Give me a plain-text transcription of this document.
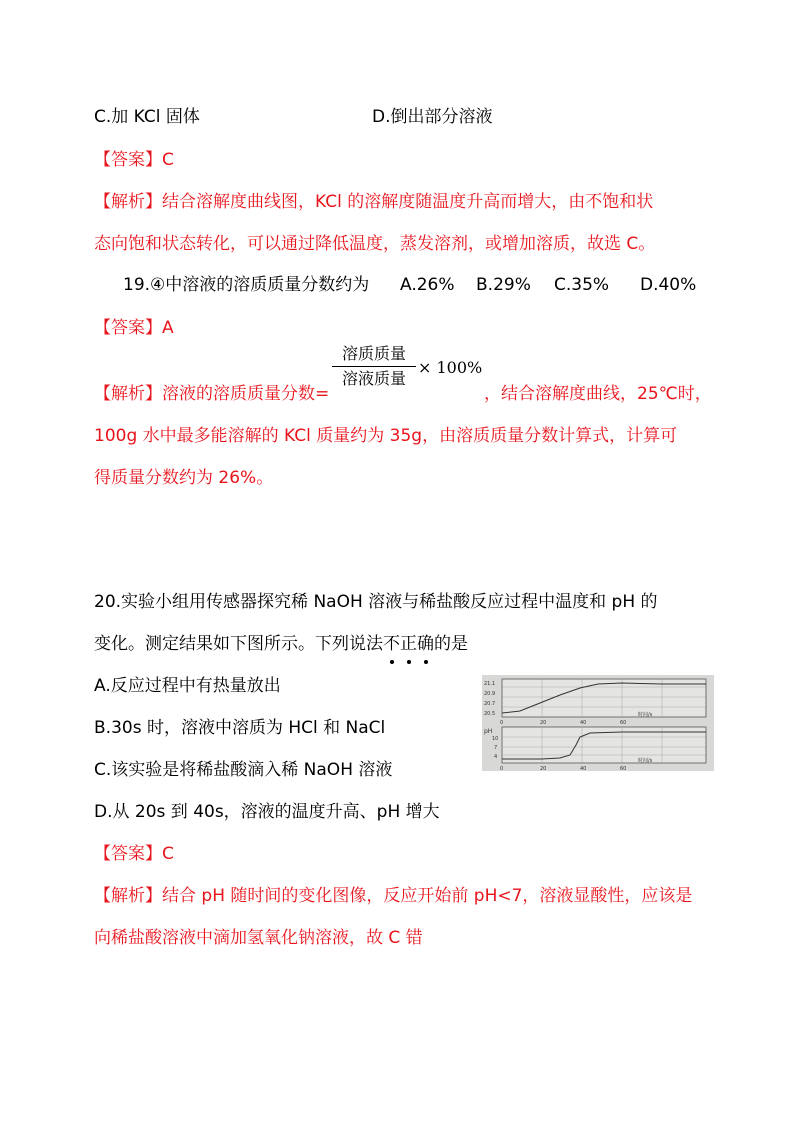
C.加 KCl 固体	D.倒出部分溶液
【答案】C
【解析】结合溶解度曲线图，KCl 的溶解度随温度升高而增大，由不饱和状
态向饱和状态转化，可以通过降低温度，蒸发溶剂，或增加溶质，故选 C。
19.④中溶液的溶质质量分数约为 A.26% B.29% C.35% D.40%
【答案】A
【解析】溶液的溶质质量分数=
溶质质量
溶液质量
× 100%
，结合溶解度曲线，25℃时，
100g 水中最多能溶解的 KCl 质量约为 35g，由溶质质量分数计算式，计算可
得质量分数约为 26%。
20.实验小组用传感器探究稀 NaOH 溶液与稀盐酸反应过程中温度和 pH 的
变化。测定结果如下图所示。下列说法不正确的是
A.反应过程中有热量放出
B.30s 时，溶液中溶质为 HCl 和 NaCl
C.该实验是将稀盐酸滴入稀 NaOH 溶液
D.从 20s 到 40s，溶液的温度升高、pH 增大
21.1
20.9
20.7
20.5
0	20	40	60
时间/s
pH
10
7
4
0	20	40	60
时间/s
【答案】C
【解析】结合 pH 随时间的变化图像，反应开始前 pH<7，溶液显酸性，应该是
向稀盐酸溶液中滴加氢氧化钠溶液，故 C 错
